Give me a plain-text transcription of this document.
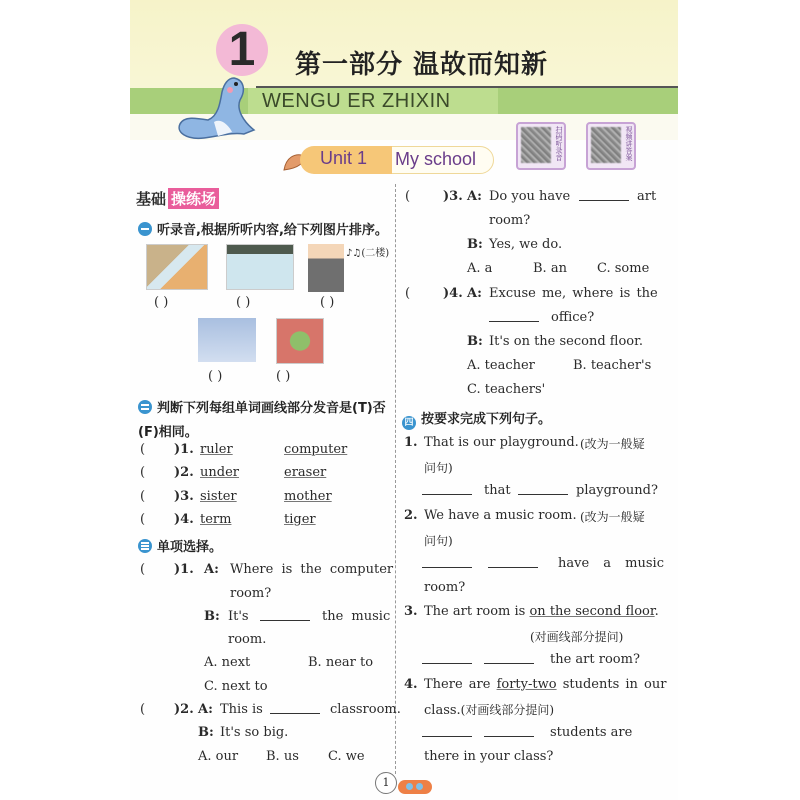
WENGU ER ZHIXIN
1	第一部分 温故而知新
My school
Unit 1	扫码听录音	视频讲答案
基础 操练场
听录音,根据所听内容,给下列图片排序。
♪♫(二楼)
( )	( )	( )
( )	( )
判断下列每组单词画线部分发音是(T)否(F)相同。
( )1. ruler	computer
( )2. under	eraser
( )3. sister	mother
( )4. term	tiger
单项选择。
( )1. A: Where is the computer
room?
B: It's	the music
room.
A. next	B. near to
C. next to
( )2. A: This is	classroom.
B: It's so big.
A. our B. us C. we
(	)3. A: Do you have	art
room?
B: Yes, we do.
A. a	B. an C. some
(	)4. A: Excuse me, where is the
office?
B: It's on the second floor.
A. teacher	B. teacher's
C. teachers'
四 按要求完成下列句子。
1. That is our playground. (改为一般疑
问句)
that	playground?
2. We have a music room. (改为一般疑
问句)
have a music
room?
3. The art room is on the second floor.
(对画线部分提问)
the art room?
4. There are forty-two students in our
class.(对画线部分提问)
students are
there in your class?
1
